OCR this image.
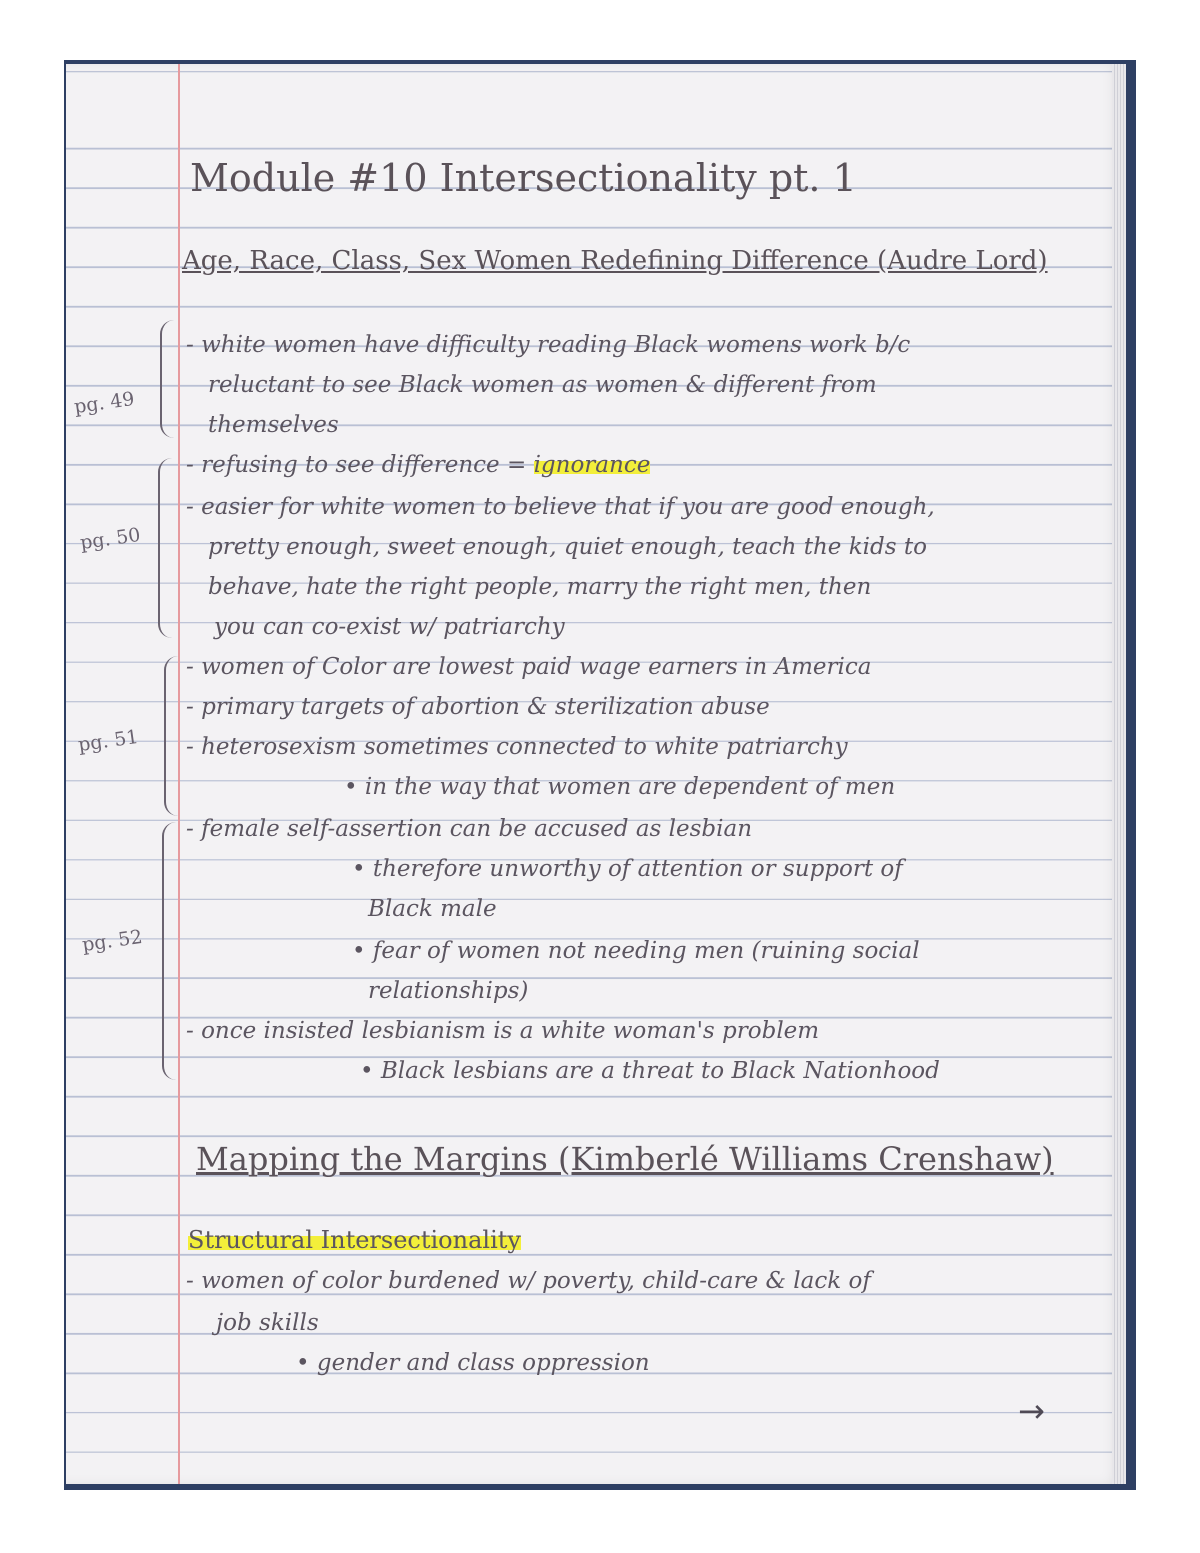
Module #10 Intersectionality pt. 1
Age, Race, Class, Sex Women Redefining Difference (Audre Lord)
pg. 49
pg. 50
pg. 51
pg. 52
- white women have difficulty reading Black womens work b/c
reluctant to see Black women as women & different from
themselves
- refusing to see difference = ignorance
- easier for white women to believe that if you are good enough,
pretty enough, sweet enough, quiet enough, teach the kids to
behave, hate the right people, marry the right men, then
you can co-exist w/ patriarchy
- women of Color are lowest paid wage earners in America
- primary targets of abortion & sterilization abuse
- heterosexism sometimes connected to white patriarchy
• in the way that women are dependent of men
- female self-assertion can be accused as lesbian
• therefore unworthy of attention or support of
Black male
• fear of women not needing men (ruining social
relationships)
- once insisted lesbianism is a white woman's problem
• Black lesbians are a threat to Black Nationhood
Mapping the Margins (Kimberlé Williams Crenshaw)
Structural Intersectionality
- women of color burdened w/ poverty, child-care & lack of
job skills
• gender and class oppression
→
